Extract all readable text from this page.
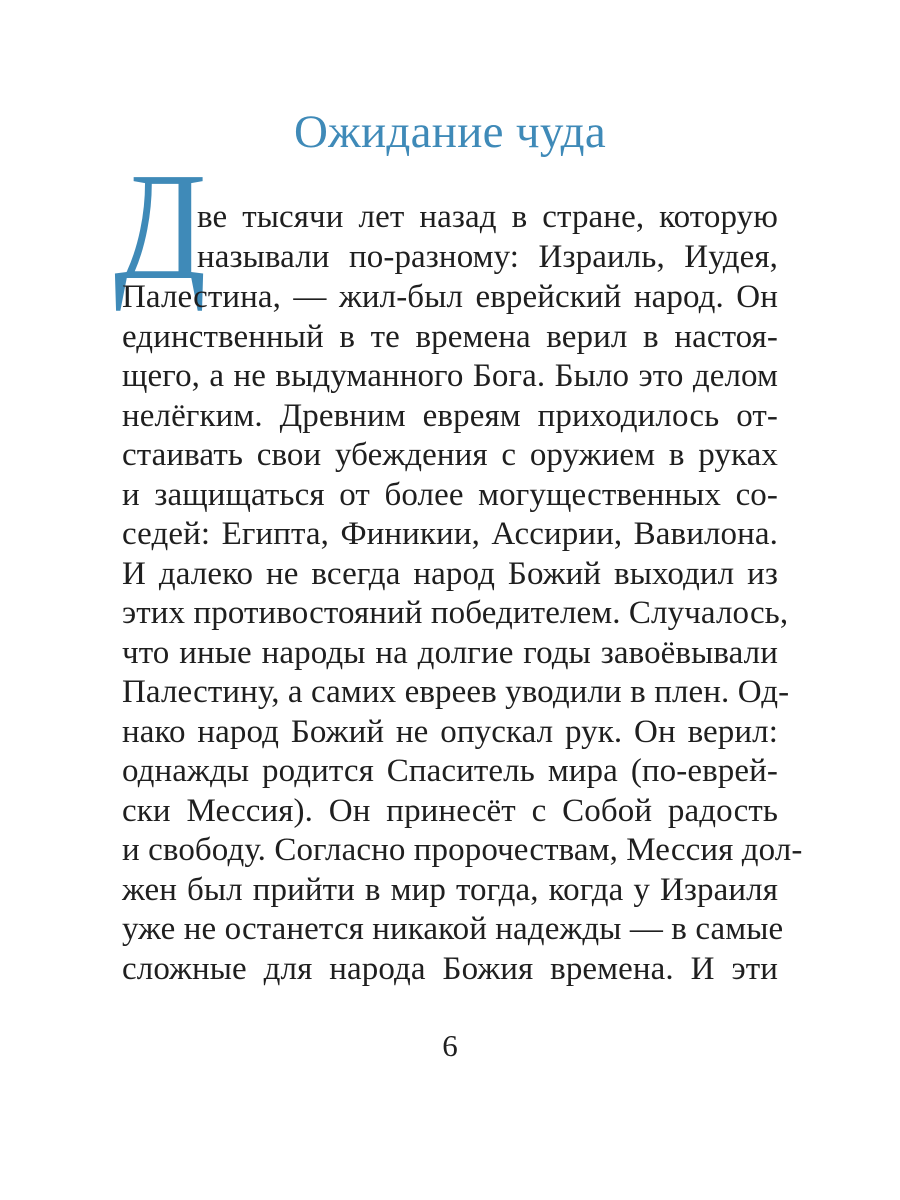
Ожидание чуда
Д
ве тысячи лет назад в стране, которую
называли по-разному: Израиль, Иудея,
Палестина, — жил-был еврейский народ. Он
единственный в те времена верил в настоя-
щего, а не выдуманного Бога. Было это делом
нелёгким. Древним евреям приходилось от-
стаивать свои убеждения с оружием в руках
и защищаться от более могущественных со-
седей: Египта, Финикии, Ассирии, Вавилона.
И далеко не всегда народ Божий выходил из
этих противостояний победителем. Случалось,
что иные народы на долгие годы завоёвывали
Палестину, а самих евреев уводили в плен. Од-
нако народ Божий не опускал рук. Он верил:
однажды родится Спаситель мира (по-еврей-
ски Мессия). Он принесёт с Собой радость
и свободу. Согласно пророчествам, Мессия дол-
жен был прийти в мир тогда, когда у Израиля
уже не останется никакой надежды — в самые
сложные для народа Божия времена. И эти
6
